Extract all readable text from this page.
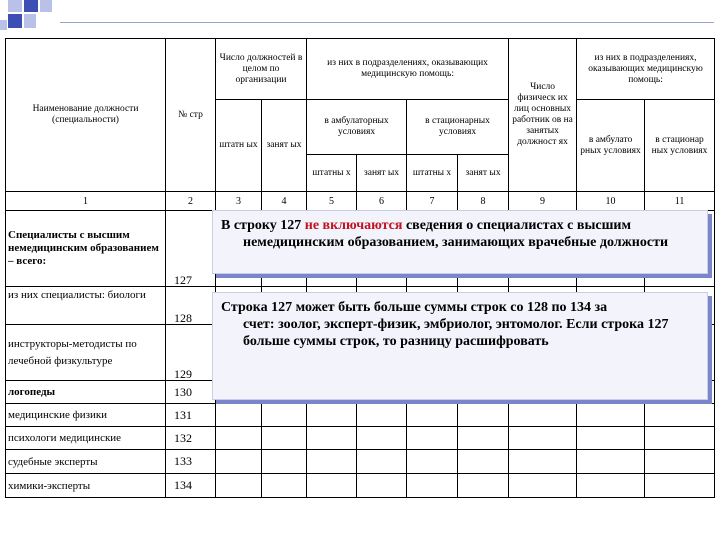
Наименование должности (специальности)	№ стр	Число должностей в целом по организации		из них в подразделениях, оказывающих медицинскую помощь:				Число физическ их лиц основных работник ов на занятых должност ях	из них в подразделениях, оказывающих медицинскую помощь:	
		штатн ых	занят ых	в амбулаторных условиях		в стационарных условиях			в амбулато рных условиях	в стационар ных условиях
				штатны х	занят ых	штатны х	занят ых			
1	2	3	4	5	6	7	8	9	10	11
Специалисты с высшим немедицинским образованием – всего:	127									
из них специалисты: биологи	128									
инструкторы-методисты по лечебной физкультуре	129									
логопеды	130									
медицинские физики	131									
психологи медицинские	132									
судебные эксперты	133									
химики-эксперты	134									
В строку 127 не включаются сведения о специалистах с высшим
немедицинским образованием, занимающих врачебные должности
Строка 127 может быть больше суммы строк со 128 по 134 за
счет: зоолог, эксперт-физик, эмбриолог, энтомолог. Если строка 127 больше суммы строк, то разницу расшифровать
